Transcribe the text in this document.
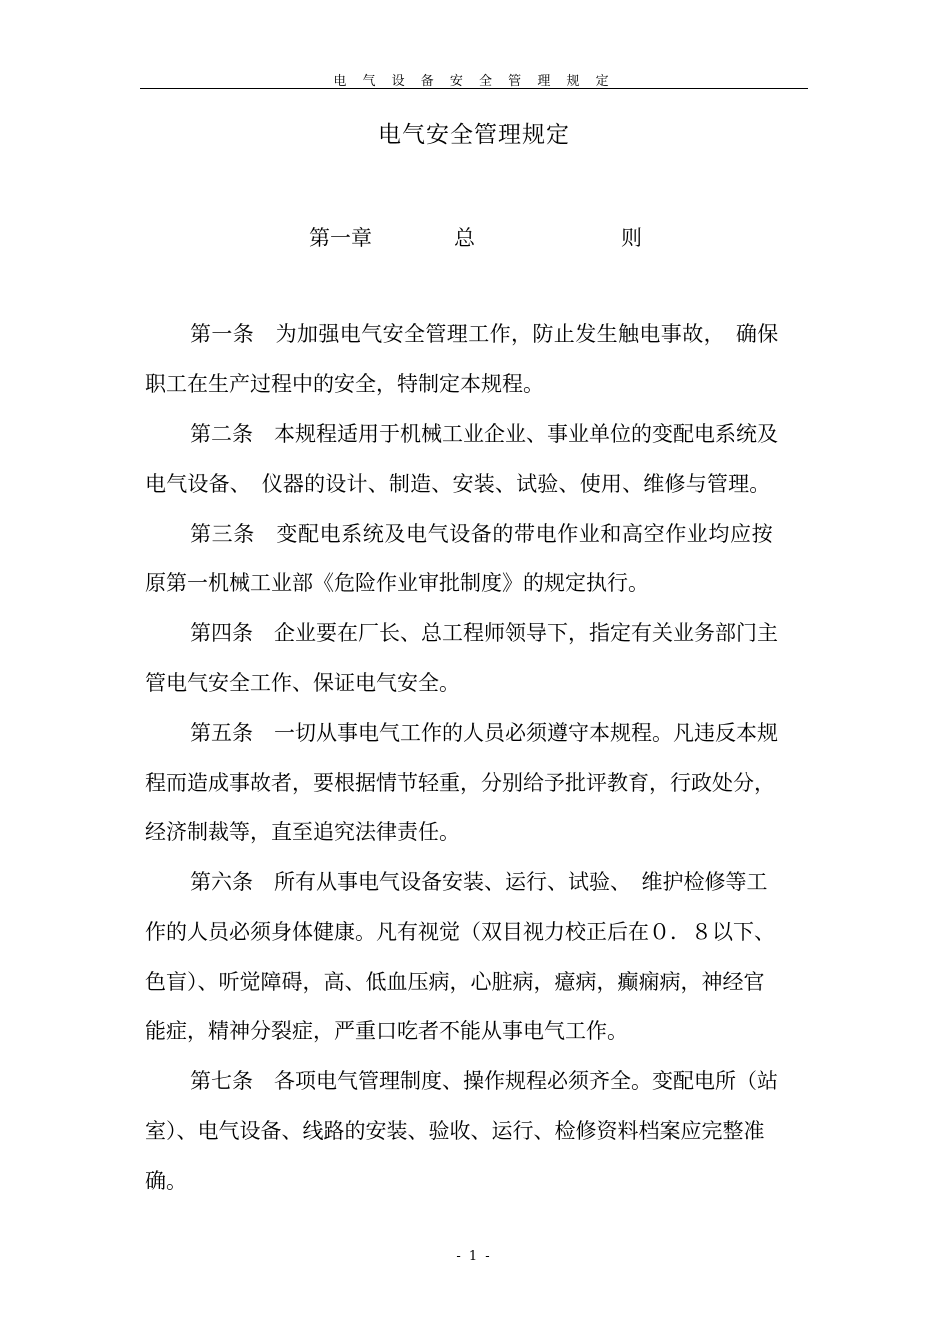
电 气 设 备 安 全 管 理 规 定
电气安全管理规定
第一章	总	则
第一条　为加强电气安全管理工作，防止发生触电事故，　确保
职工在生产过程中的安全，特制定本规程。
第二条　本规程适用于机械工业企业、事业单位的变配电系统及
电气设备、　仪器的设计、制造、安装、试验、使用、维修与管理。
第三条　变配电系统及电气设备的带电作业和高空作业均应按
原第一机械工业部《危险作业审批制度》的规定执行。
第四条　企业要在厂长、总工程师领导下，指定有关业务部门主
管电气安全工作、保证电气安全。
第五条　一切从事电气工作的人员必须遵守本规程。凡违反本规
程而造成事故者，要根据情节轻重，分别给予批评教育，行政处分，
经济制裁等，直至追究法律责任。
第六条　所有从事电气设备安装、运行、试验、　维护检修等工
作的人员必须身体健康。凡有视觉（双目视力校正后在０．８以下、
色盲）、听觉障碍，高、低血压病，心脏病，癔病，癫痫病，神经官
能症，精神分裂症，严重口吃者不能从事电气工作。
第七条　各项电气管理制度、操作规程必须齐全。变配电所（站
室）、电气设备、线路的安装、验收、运行、检修资料档案应完整准
确。
- 1 -
